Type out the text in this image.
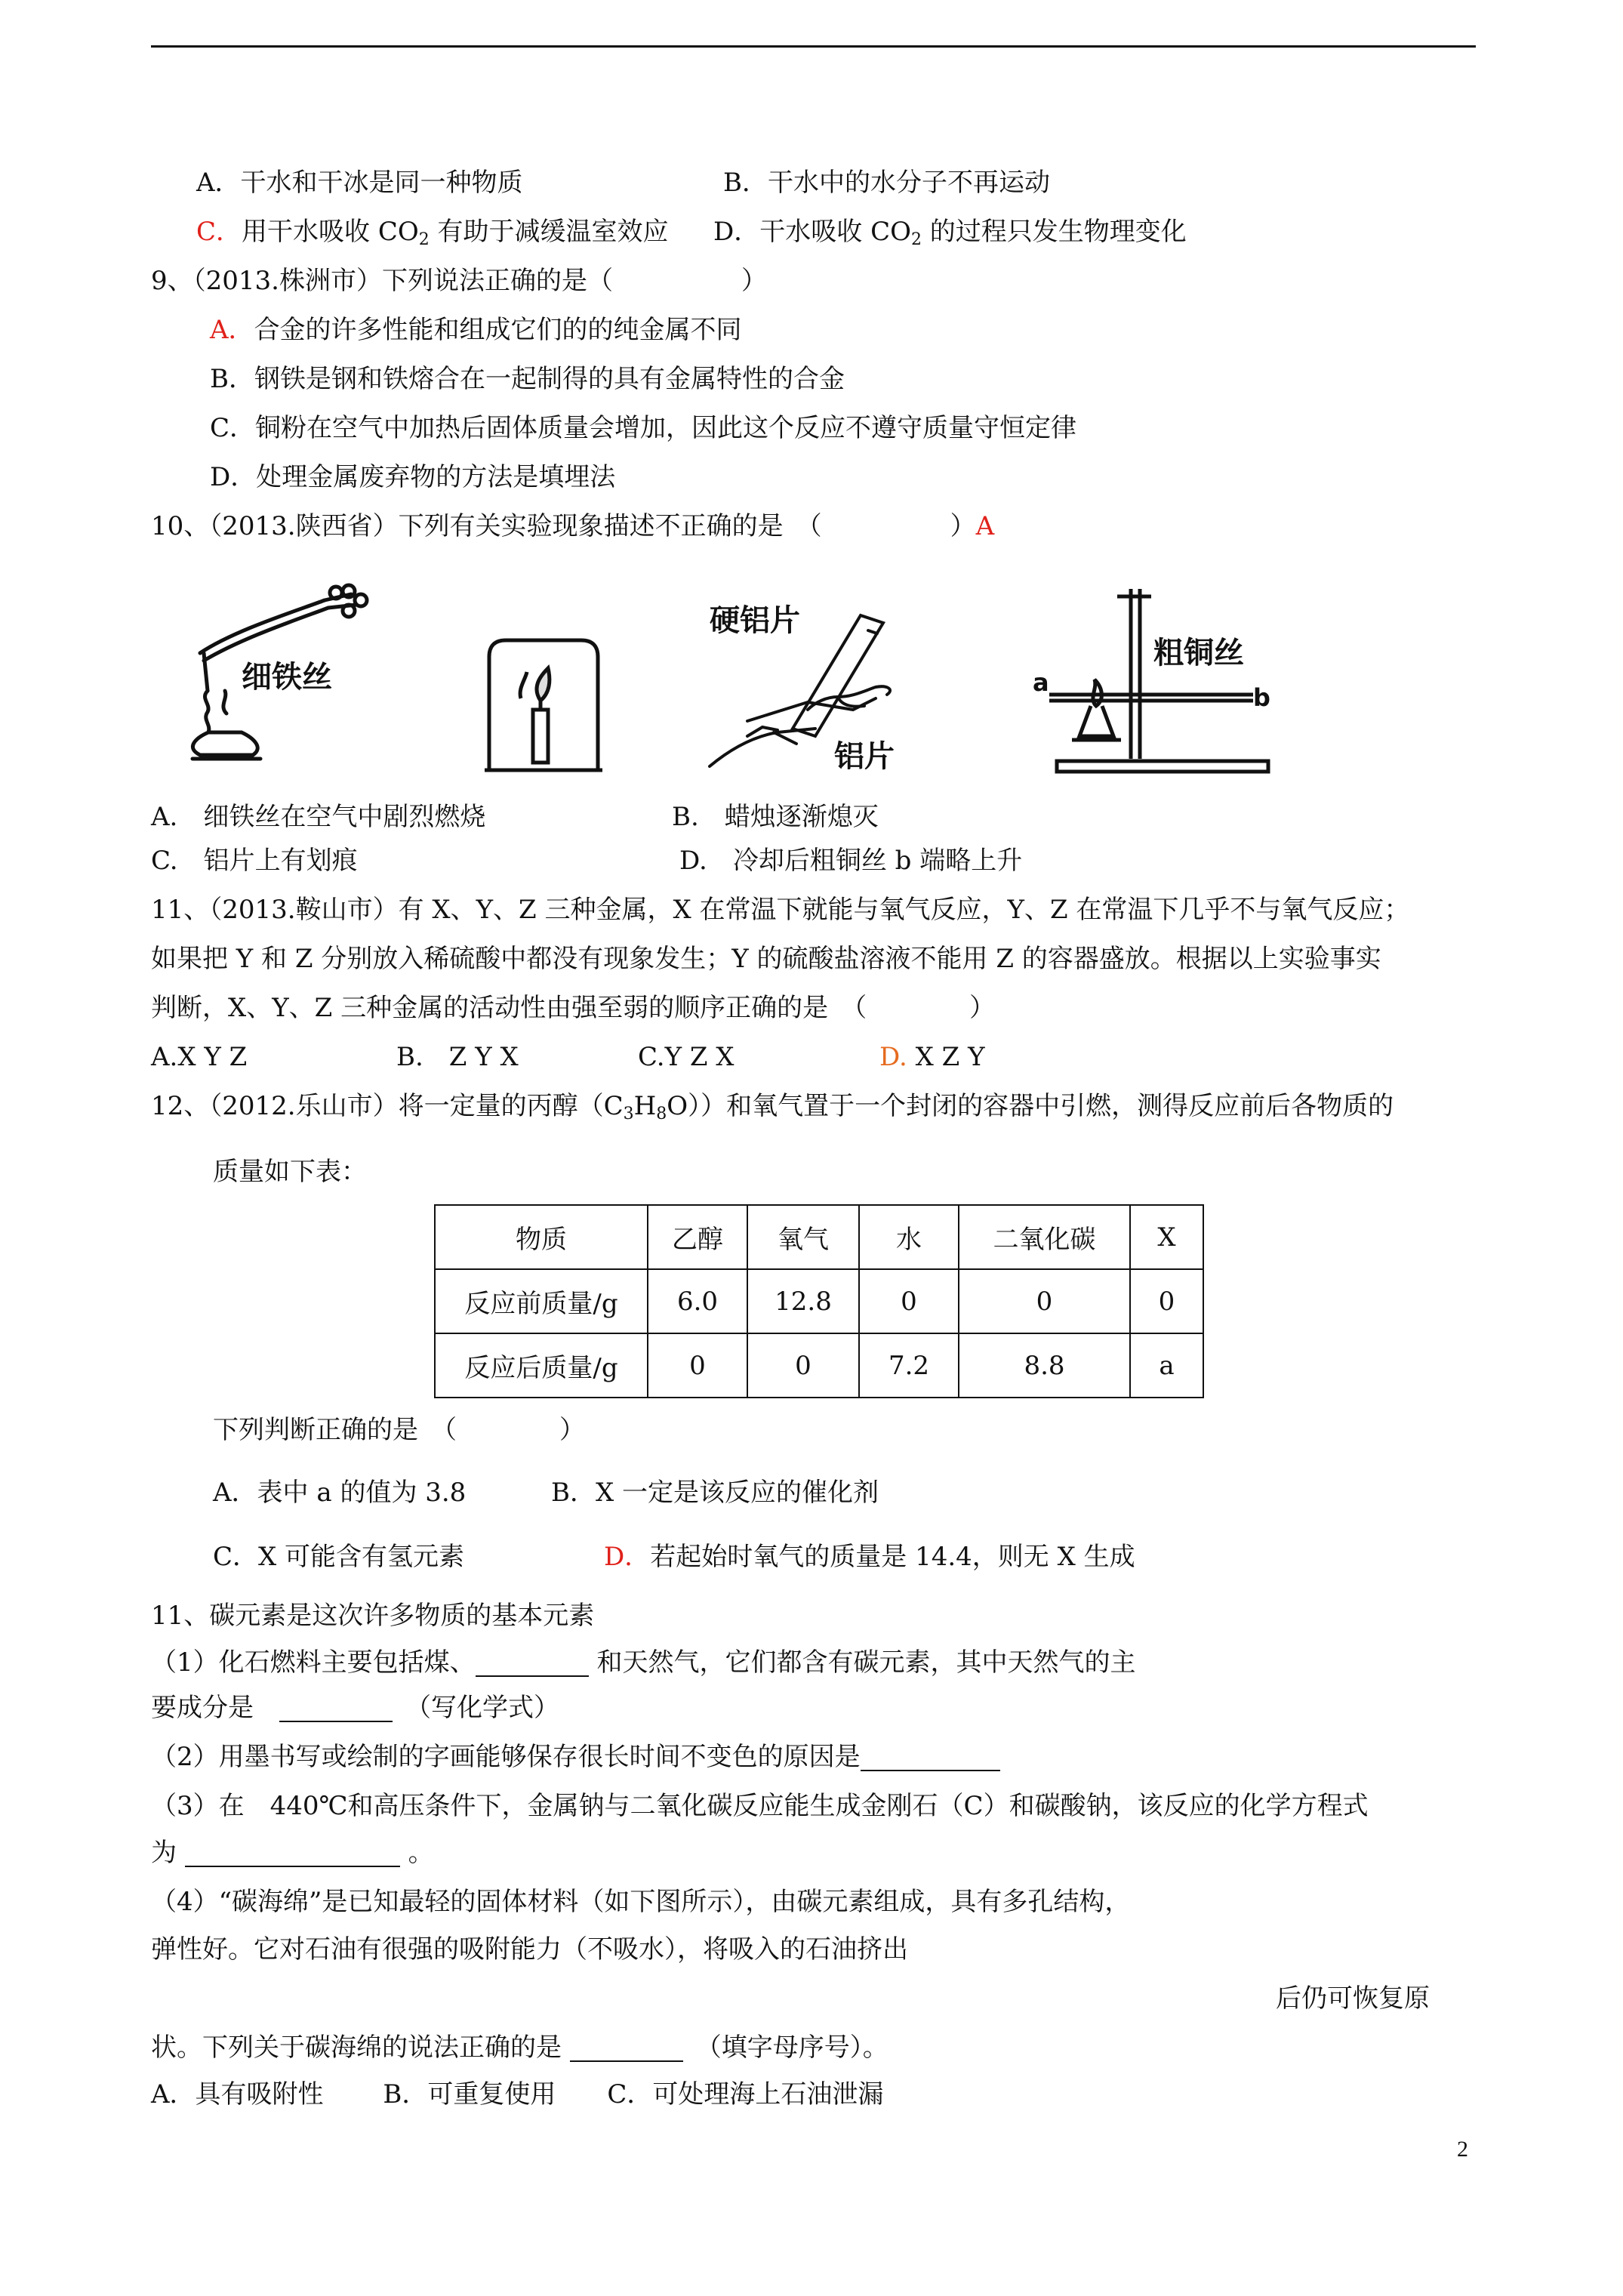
A．干水和干冰是同一种物质	B．干水中的水分子不再运动
C．用干水吸收 $CO_2$ 有助于减缓温室效应 D．干水吸收 $CO_2$ 的过程只发生物理变化
9、（2013.株洲市）下列说法正确的是（　　　　　）
A．合金的许多性能和组成它们的的纯金属不同
B．钢铁是钢和铁熔合在一起制得的具有金属特性的合金
C．铜粉在空气中加热后固体质量会增加，因此这个反应不遵守质量守恒定律
D．处理金属废弃物的方法是填埋法
10、（2013.陕西省）下列有关实验现象描述不正确的是　（　　　　　）A
细铁丝
硬铝片
铝片
a
粗铜丝
b
A.　细铁丝在空气中剧烈燃烧	B.　蜡烛逐渐熄灭
C.　铝片上有划痕	D.　冷却后粗铜丝 b 端略上升
11、（2013.鞍山市）有 X、Y、Z 三种金属，X 在常温下就能与氧气反应，Y、Z 在常温下几乎不与氧气反应；
如果把 Y 和 Z 分别放入稀硫酸中都没有现象发生；Y 的硫酸盐溶液不能用 Z 的容器盛放。根据以上实验事实
判断，X、Y、Z 三种金属的活动性由强至弱的顺序正确的是　（　　　　）
A.X Y Z	B.　Z Y X	C.Y Z X	D. X Z Y
12、（2012.乐山市）将一定量的丙醇$(C_3H_8O)$）和氧气置于一个封闭的容器中引燃，测得反应前后各物质的
质量如下表：
物质	乙醇	氧气	水	二氧化碳	X
反应前质量/g	6.0	12.8	0	0	0
反应后质量/g	0	0	7.2	8.8	a
下列判断正确的是　（　　　　）
A．表中 a 的值为 3.8	B．X 一定是该反应的催化剂
C．X 可能含有氢元素	D．若起始时氧气的质量是 14.4，则无 X 生成
11、碳元素是这次许多物质的基本元素
（1）化石燃料主要包括煤、	和天然气，它们都含有碳元素，其中天然气的主
要成分是　	　（写化学式）
（2）用墨书写或绘制的字画能够保存很长时间不变色的原因是
（3）在　440℃和高压条件下，金属钠与二氧化碳反应能生成金刚石（C）和碳酸钠，该反应的化学方程式
为	。
（4）“碳海绵”是已知最轻的固体材料（如下图所示），由碳元素组成，具有多孔结构，
弹性好。它对石油有很强的吸附能力（不吸水），将吸入的石油挤出
后仍可恢复原
状。下列关于碳海绵的说法正确的是	　（填字母序号）。
A．具有吸附性　　 B．可重复使用　　C．可处理海上石油泄漏
2
